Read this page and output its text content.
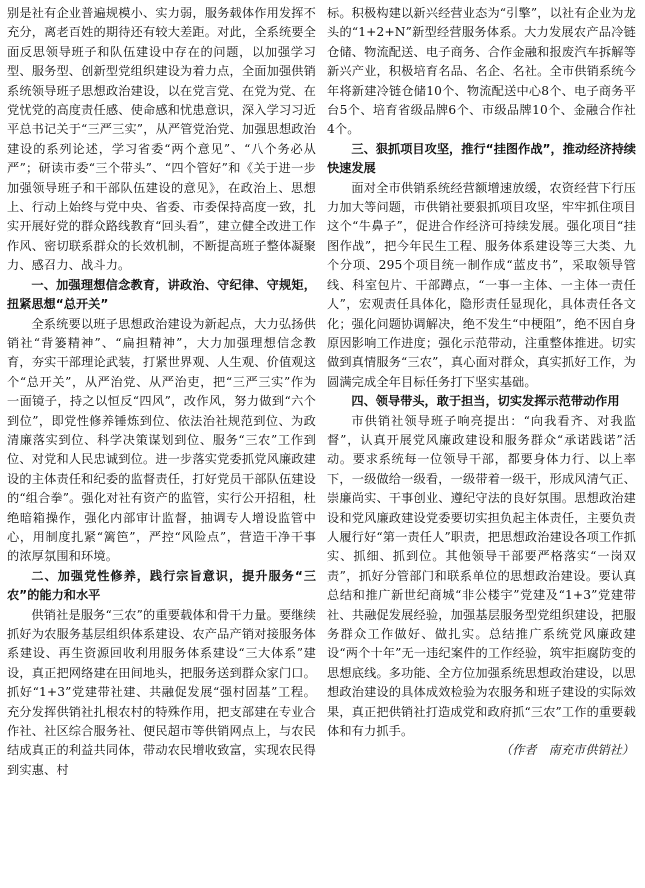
别是社有企业普遍规模小、实力弱，服务载体作用发挥不充分，离老百姓的期待还有较大差距。对此，全系统要全面反思领导班子和队伍建设中存在的问题，以加强学习型、服务型、创新型党组织建设为着力点，全面加强供销系统领导班子思想政治建设，以在党言党、在党为党、在党忧党的高度责任感、使命感和忧患意识，深入学习习近平总书记关于“三严三实”，从严管党治党、加强思想政治建设的系列论述，学习省委“两个意见”、“八个务必从严”；研读市委“三个带头”、“四个管好”和《关于进一步加强领导班子和干部队伍建设的意见》，在政治上、思想上、行动上始终与党中央、省委、市委保持高度一致，扎实开展好党的群众路线教育“回头看”，建立健全改进工作作风、密切联系群众的长效机制，不断提高班子整体凝聚力、感召力、战斗力。

一、加强理想信念教育，讲政治、守纪律、守规矩，扭紧思想“总开关”

全系统要以班子思想政治建设为新起点，大力弘扬供销社“背篓精神”、“扁担精神”，大力加强理想信念教育，夯实干部理论武装，打紧世界观、人生观、价值观这个“总开关”，从严治党、从严治吏，把“三严三实”作为一面镜子，持之以恒反“四风”，改作风，努力做到“六个到位”，即党性修养锤炼到位、依法治社规范到位、为政清廉落实到位、科学决策谋划到位、服务“三农”工作到位、对党和人民忠诚到位。进一步落实党委抓党风廉政建设的主体责任和纪委的监督责任，打好党员干部队伍建设的“组合拳”。强化对社有资产的监管，实行公开招租，杜绝暗箱操作，强化内部审计监督，抽调专人增设监管中心，用制度扎紧“篱笆”，严控“风险点”，营造干净干事的浓厚氛围和环境。

二、加强党性修养，践行宗旨意识，提升服务“三农”的能力和水平

供销社是服务“三农”的重要载体和骨干力量。要继续抓好为农服务基层组织体系建设、农产品产销对接服务体系建设、再生资源回收利用服务体系建设“三大体系”建设，真正把网络建在田间地头，把服务送到群众家门口。抓好“1+3”党建带社建、共融促发展“强村固基”工程。充分发挥供销社扎根农村的特殊作用，把支部建在专业合作社、社区综合服务社、便民超市等供销网点上，与农民结成真正的利益共同体，带动农民增收致富，实现农民得到实惠、村

标。积极构建以新兴经营业态为“引擎”，以社有企业为龙头的“1+2+N”新型经营服务体系。大力发展农产品冷链仓储、物流配送、电子商务、合作金融和报废汽车拆解等新兴产业，积极培育名品、名企、名社。全市供销系统今年将新建冷链仓储10个、物流配送中心8个、电子商务平台5个、培育省级品牌6个、市级品牌10个、金融合作社4个。

三、狠抓项目攻坚，推行“挂图作战”，推动经济持续快速发展

面对全市供销系统经营额增速放缓，农资经营下行压力加大等问题，市供销社要狠抓项目攻坚，牢牢抓住项目这个“牛鼻子”，促进合作经济可持续发展。强化项目“挂图作战”，把今年民生工程、服务体系建设等三大类、九个分项、295个项目统一制作成“蓝皮书”，采取领导管线、科室包片、干部蹲点，“一事一主体、一主体一责任人”，宏观责任具体化，隐形责任显现化，具体责任各文化；强化问题协调解决，绝不发生“中梗阻”，绝不因自身原因影响工作进度；强化示范带动，注重整体推进。切实做到真情服务“三农”，真心面对群众，真实抓好工作，为圆满完成全年目标任务打下坚实基础。

四、领导带头，敢于担当，切实发挥示范带动作用

市供销社领导班子响亮提出：“向我看齐、对我监督”，认真开展党风廉政建设和服务群众“承诺践诺”活动。要求系统每一位领导干部，都要身体力行、以上率下，一级做给一级看，一级带着一级干，形成风清气正、崇廉尚实、干事创业、遵纪守法的良好氛围。思想政治建设和党风廉政建设党委要切实担负起主体责任，主要负责人履行好“第一责任人”职责，把思想政治建设各项工作抓实、抓细、抓到位。其他领导干部要严格落实“一岗双责”，抓好分管部门和联系单位的思想政治建设。要认真总结和推广新世纪商城“非公楼宇”党建及“1+3”党建带社、共融促发展经验，加强基层服务型党组织建设，把服务群众工作做好、做扎实。总结推广系统党风廉政建设“两个十年”无一违纪案件的工作经验，筑牢拒腐防变的思想底线。多功能、全方位加强系统思想政治建设，以思想政治建设的具体成效检验为农服务和班子建设的实际效果，真正把供销社打造成党和政府抓“三农”工作的重要载体和有力抓手。

（作者　南充市供销社）
